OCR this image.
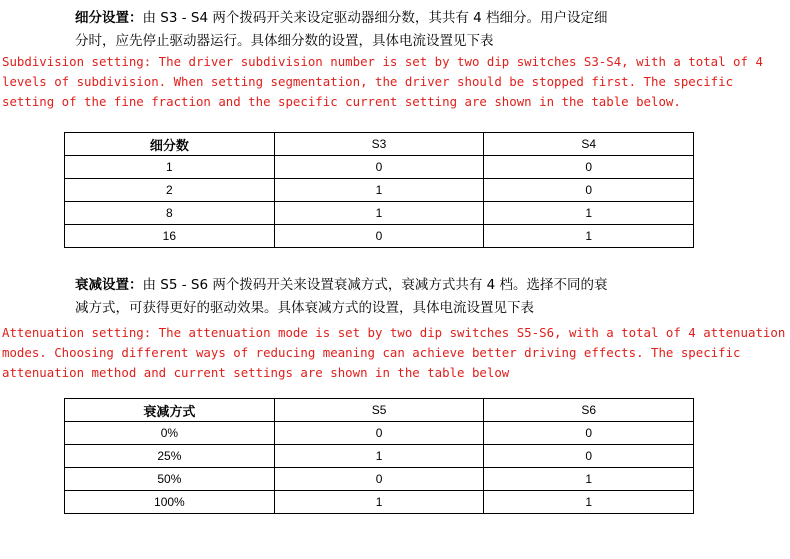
细分设置：由 S3 - S4 两个拨码开关来设定驱动器细分数，其共有 4 档细分。用户设定细
分时，应先停止驱动器运行。具体细分数的设置，具体电流设置见下表
Subdivision setting: The driver subdivision number is set by two dip switches S3-S4, with a total of 4
levels of subdivision. When setting segmentation, the driver should be stopped first. The specific
setting of the fine fraction and the specific current setting are shown in the table below.
细分数	S3	S4
1	0	0
2	1	0
8	1	1
16	0	1
衰减设置：由 S5 - S6 两个拨码开关来设置衰减方式，衰减方式共有 4 档。选择不同的衰
减方式，可获得更好的驱动效果。具体衰减方式的设置，具体电流设置见下表
Attenuation setting: The attenuation mode is set by two dip switches S5-S6, with a total of 4 attenuation
modes. Choosing different ways of reducing meaning can achieve better driving effects. The specific
attenuation method and current settings are shown in the table below
衰减方式	S5	S6
0%	0	0
25%	1	0
50%	0	1
100%	1	1
